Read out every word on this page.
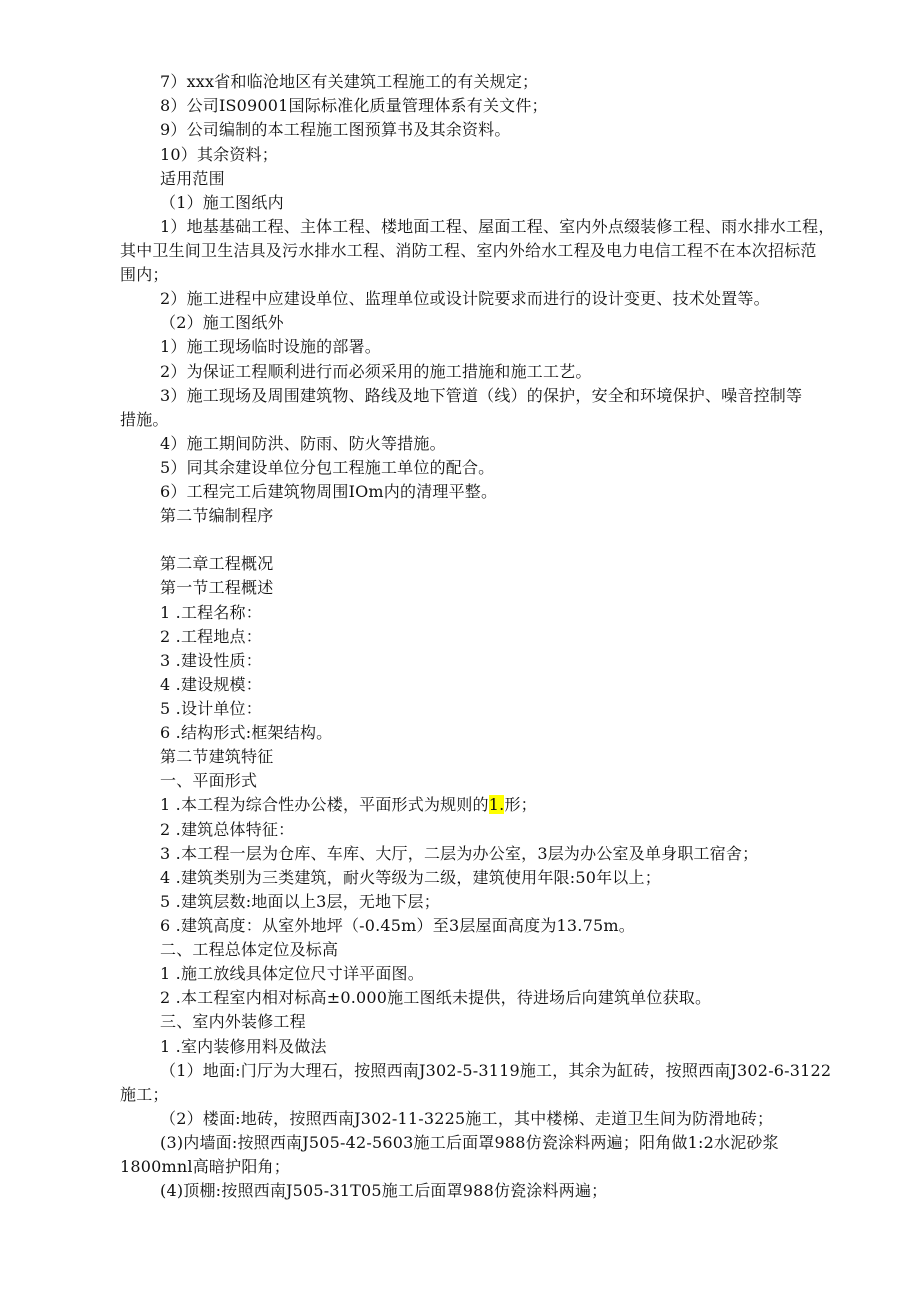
7）xxx省和临沧地区有关建筑工程施工的有关规定；
8）公司IS09001国际标准化质量管理体系有关文件；
9）公司编制的本工程施工图预算书及其余资料。
10）其余资料；
适用范围
（1）施工图纸内
1）地基基础工程、主体工程、楼地面工程、屋面工程、室内外点缀装修工程、雨水排水工程，
其中卫生间卫生洁具及污水排水工程、消防工程、室内外给水工程及电力电信工程不在本次招标范
围内；
2）施工进程中应建设单位、监理单位或设计院要求而进行的设计变更、技术处置等。
（2）施工图纸外
1）施工现场临时设施的部署。
2）为保证工程顺利进行而必须采用的施工措施和施工工艺。
3）施工现场及周围建筑物、路线及地下管道（线）的保护，安全和环境保护、噪音控制等
措施。
4）施工期间防洪、防雨、防火等措施。
5）同其余建设单位分包工程施工单位的配合。
6）工程完工后建筑物周围IOm内的清理平整。
第二节编制程序
第二章工程概况
第一节工程概述
1 .工程名称：
2 .工程地点：
3 .建设性质：
4 .建设规模：
5 .设计单位：
6 .结构形式:框架结构。
第二节建筑特征
一、平面形式
1 .本工程为综合性办公楼，平面形式为规则的1.形；
2 .建筑总体特征：
3 .本工程一层为仓库、车库、大厅，二层为办公室，3层为办公室及单身职工宿舍；
4 .建筑类别为三类建筑，耐火等级为二级，建筑使用年限:50年以上；
5 .建筑层数:地面以上3层，无地下层；
6 .建筑高度：从室外地坪（-0.45m）至3层屋面高度为13.75m。
二、工程总体定位及标高
1 .施工放线具体定位尺寸详平面图。
2 .本工程室内相对标高±0.000施工图纸未提供，待进场后向建筑单位获取。
三、室内外装修工程
1 .室内装修用料及做法
（1）地面:门厅为大理石，按照西南J302-5-3119施工，其余为缸砖，按照西南J302-6-3122
施工；
（2）楼面:地砖，按照西南J302-11-3225施工，其中楼梯、走道卫生间为防滑地砖；
(3)内墙面:按照西南J505-42-5603施工后面罩988仿瓷涂料两遍；阳角做1:2水泥砂浆
1800mnl高暗护阳角；
(4)顶棚:按照西南J505-31T05施工后面罩988仿瓷涂料两遍；
